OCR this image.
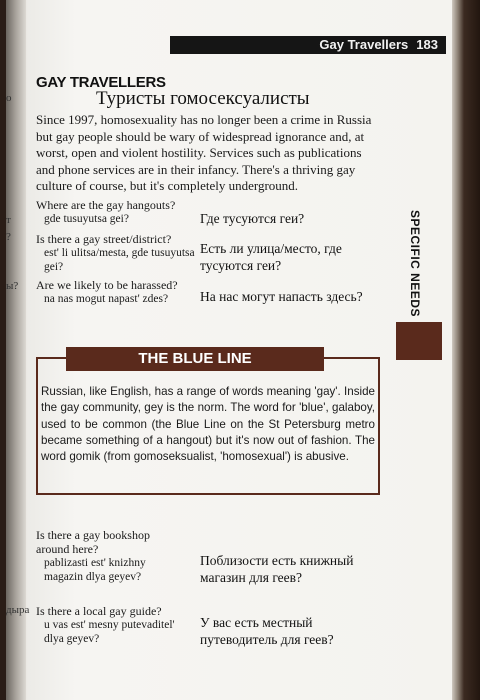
о
т
?
ы?
дыра
Gay Travellers 183
SPECIFIC NEEDS
GAY TRAVELLERS
Туристы гомосексуалисты
Since 1997, homosexuality has no longer been a crime in Russia but gay people should be wary of widespread ignorance and, at worst, open and violent hostility. Services such as publications and phone services are in their infancy. There's a thriving gay culture of course, but it's completely underground.
Where are the gay hangouts?
gde tusuyutsa gei?	Где тусуются геи?
Is there a gay street/district?
est' li ulitsa/mesta, gde tusuyutsa gei?
Есть ли улица/место, где тусуются геи?
Are we likely to be harassed?
na nas mogut napast' zdes?	На нас могут напасть здесь?
THE BLUE LINE
Russian, like English, has a range of words meaning 'gay'. Inside the gay community, gey is the norm. The word for 'blue', galaboy, used to be common (the Blue Line on the St Petersburg metro became something of a hangout) but it's now out of fashion. The word gomik (from gomoseksualist, 'homosexual') is abusive.
Is there a gay bookshop around here?
pablizasti est' knizhny magazin dlya geyev?
Поблизости есть книжный магазин для геев?
Is there a local gay guide?
u vas est' mesny putevaditel' dlya geyev?
У вас есть местный путеводитель для геев?
